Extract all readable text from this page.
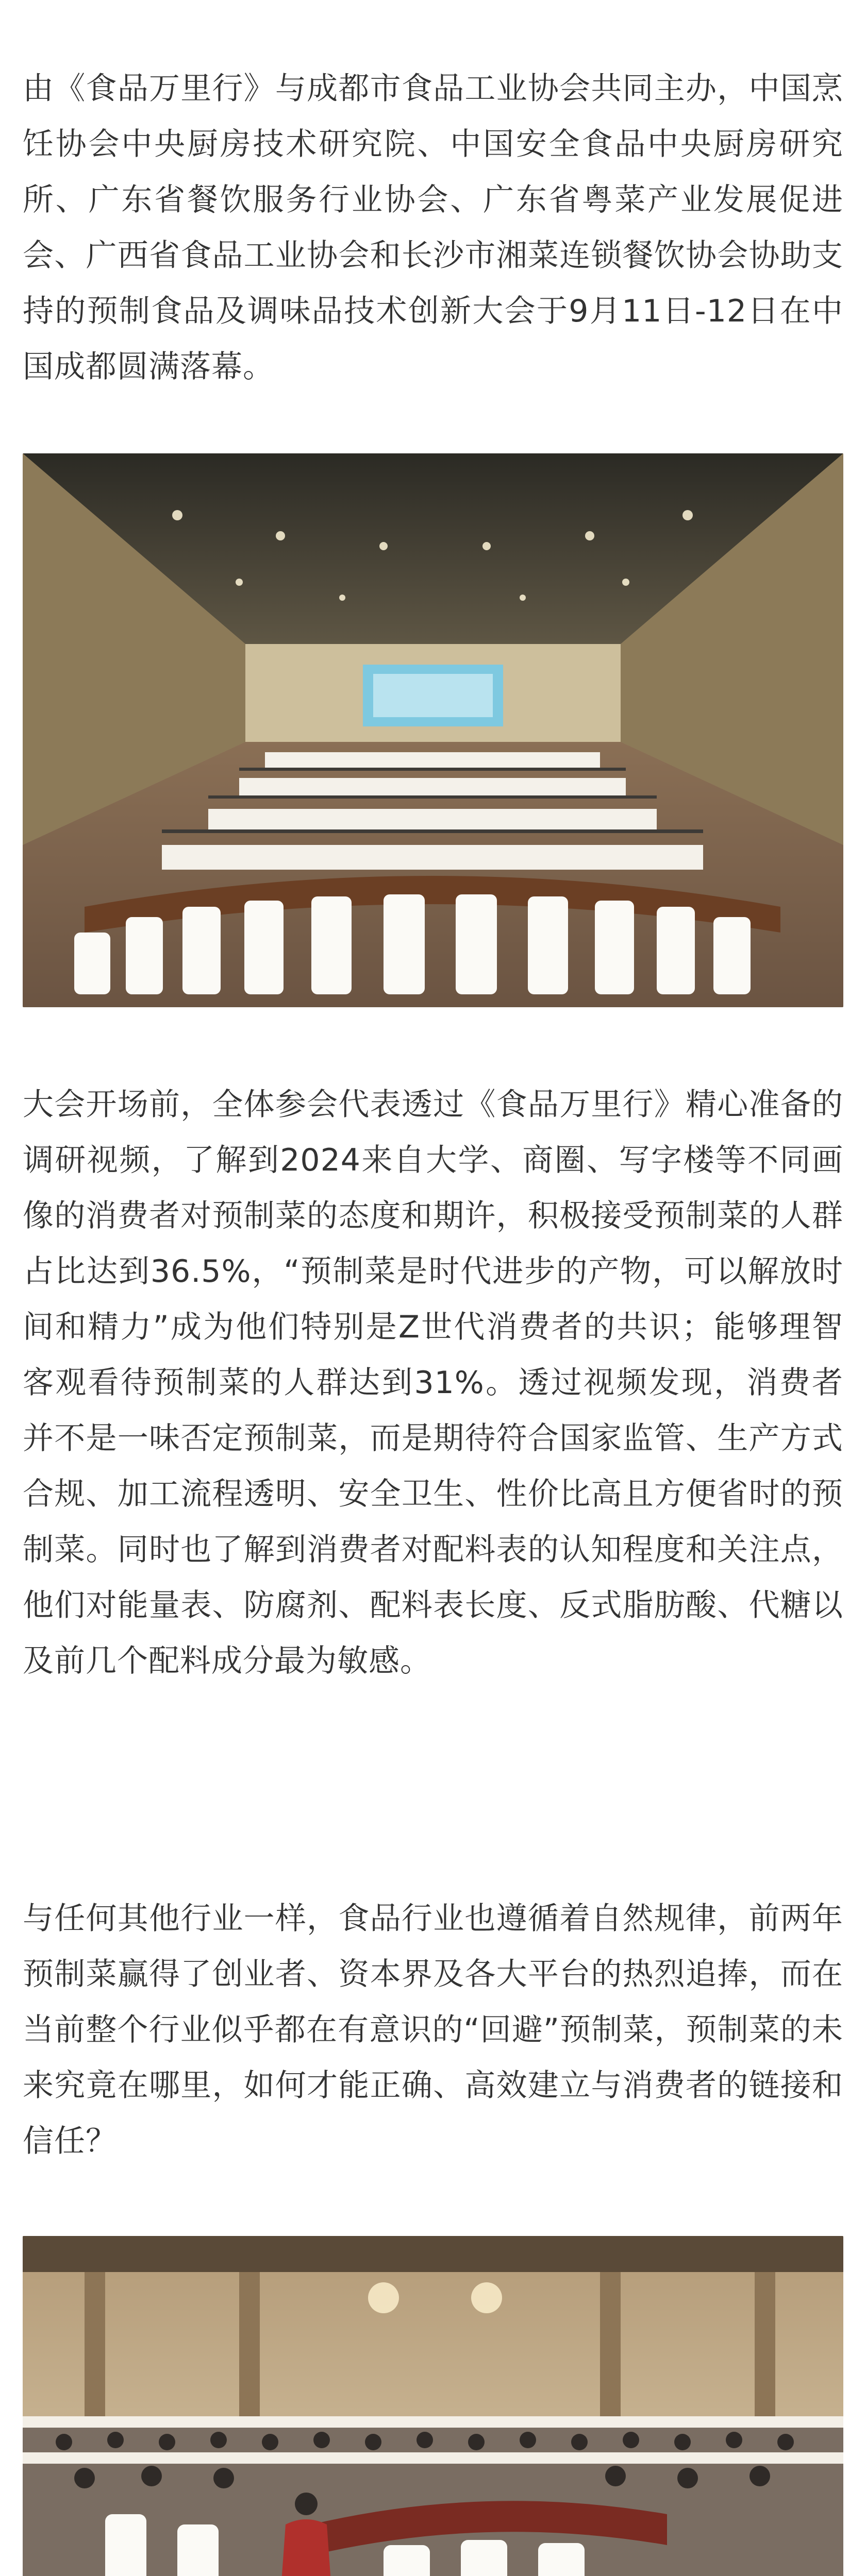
由《食品万里行》与成都市食品工业协会共同主办，中国烹饪协会中央厨房技术研究院、中国安全食品中央厨房研究所、广东省餐饮服务行业协会、广东省粤菜产业发展促进会、广西省食品工业协会和长沙市湘菜连锁餐饮协会协助支持的预制食品及调味品技术创新大会于9月11日-12日在中国成都圆满落幕。

大会开场前，全体参会代表透过《食品万里行》精心准备的调研视频，了解到2024来自大学、商圈、写字楼等不同画像的消费者对预制菜的态度和期许，积极接受预制菜的人群占比达到36.5%，“预制菜是时代进步的产物，可以解放时间和精力”成为他们特别是Z世代消费者的共识；能够理智客观看待预制菜的人群达到31%。透过视频发现，消费者并不是一味否定预制菜，而是期待符合国家监管、生产方式合规、加工流程透明、安全卫生、性价比高且方便省时的预制菜。同时也了解到消费者对配料表的认知程度和关注点，他们对能量表、防腐剂、配料表长度、反式脂肪酸、代糖以及前几个配料成分最为敏感。

与任何其他行业一样，食品行业也遵循着自然规律，前两年预制菜赢得了创业者、资本界及各大平台的热烈追捧，而在当前整个行业似乎都在有意识的“回避”预制菜，预制菜的未来究竟在哪里，如何才能正确、高效建立与消费者的链接和信任？
